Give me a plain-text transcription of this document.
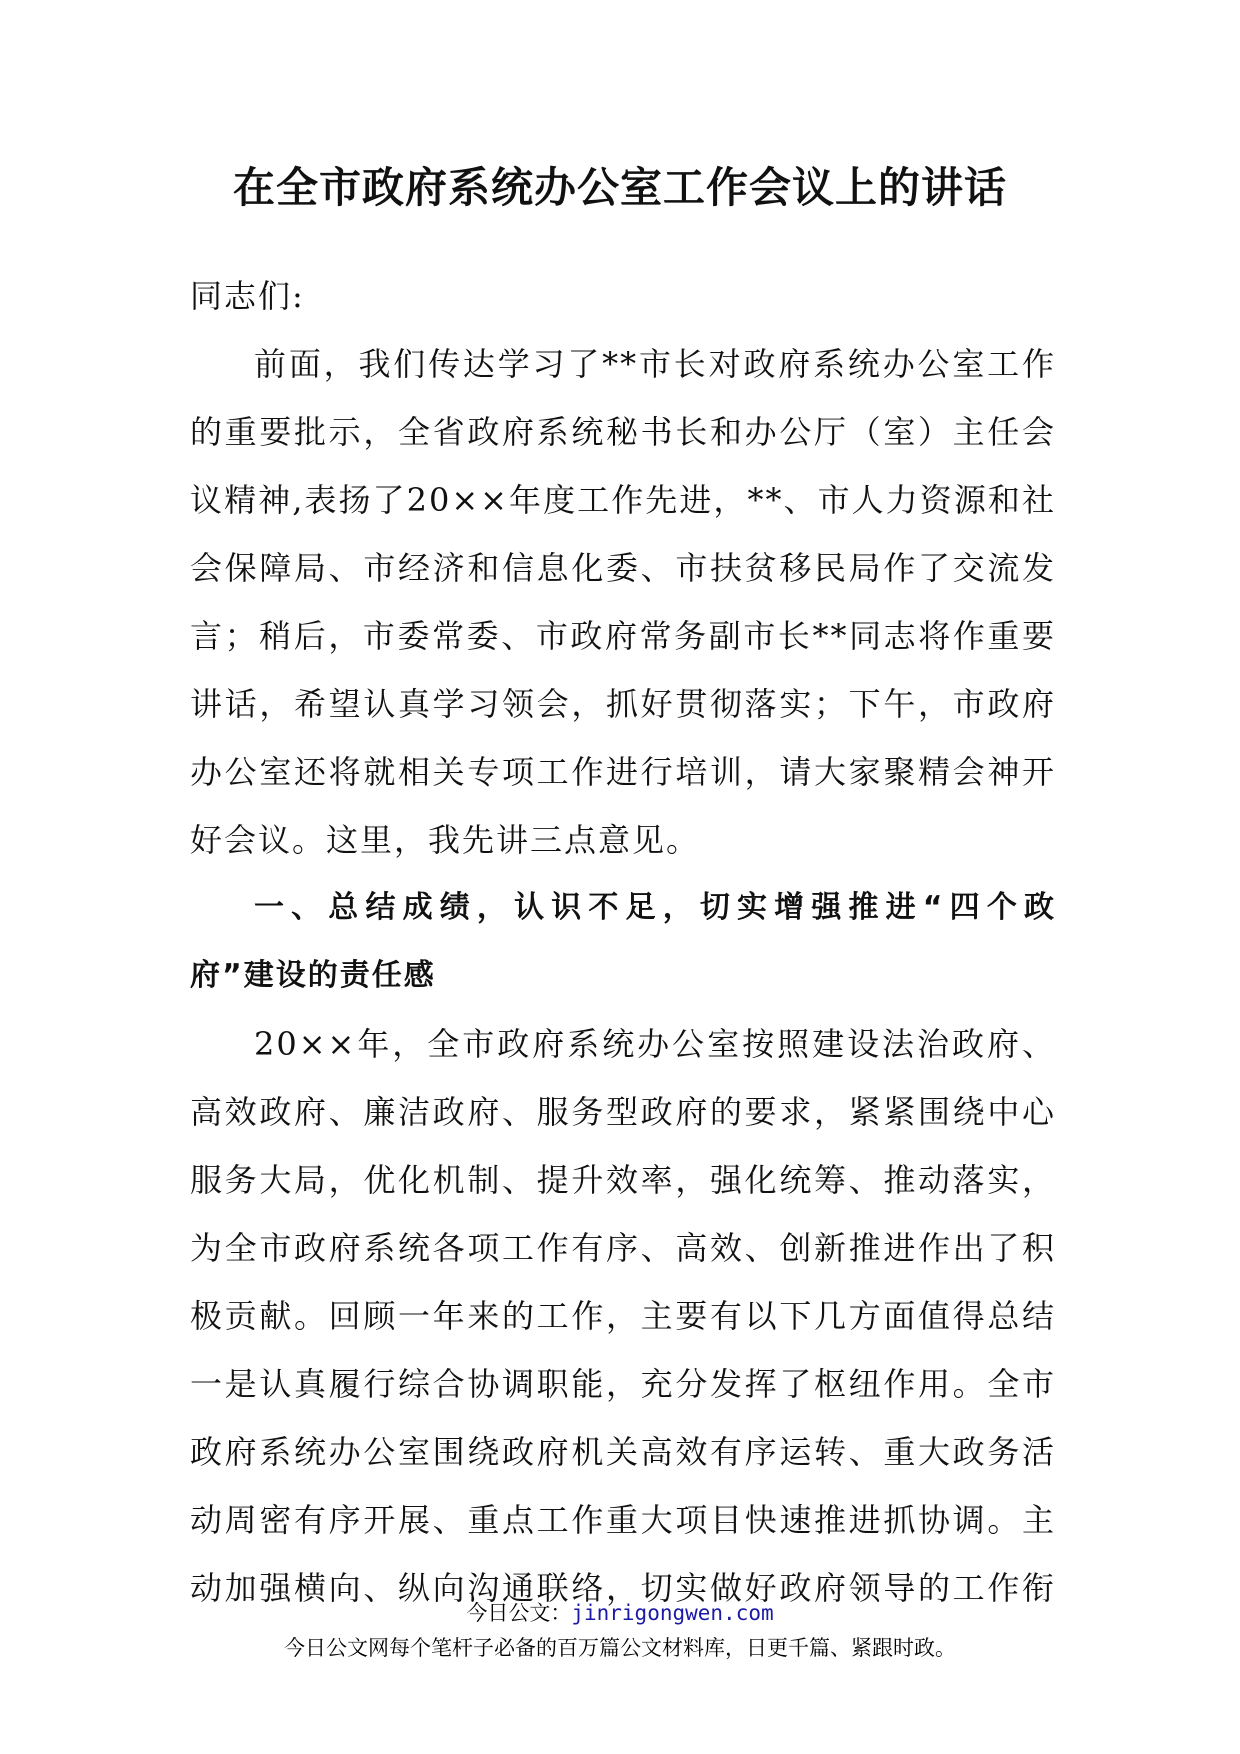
在全市政府系统办公室工作会议上的讲话
同志们:
前面，我们传达学习了**市长对政府系统办公室工作
的重要批示，全省政府系统秘书长和办公厅（室）主任会
议精神,表扬了20××年度工作先进，**、市人力资源和社
会保障局、市经济和信息化委、市扶贫移民局作了交流发
言；稍后，市委常委、市政府常务副市长**同志将作重要
讲话，希望认真学习领会，抓好贯彻落实；下午，市政府
办公室还将就相关专项工作进行培训，请大家聚精会神开
好会议。这里，我先讲三点意见。
一、总结成绩，认识不足，切实增强推进“四个政
府”建设的责任感
20××年，全市政府系统办公室按照建设法治政府、
高效政府、廉洁政府、服务型政府的要求，紧紧围绕中心
服务大局，优化机制、提升效率，强化统筹、推动落实，
为全市政府系统各项工作有序、高效、创新推进作出了积
极贡献。回顾一年来的工作，主要有以下几方面值得总结
一是认真履行综合协调职能，充分发挥了枢纽作用。全市
政府系统办公室围绕政府机关高效有序运转、重大政务活
动周密有序开展、重点工作重大项目快速推进抓协调。主
动加强横向、纵向沟通联络，切实做好政府领导的工作衔
今日公文：jinrigongwen.com
今日公文网每个笔杆子必备的百万篇公文材料库，日更千篇、紧跟时政。
